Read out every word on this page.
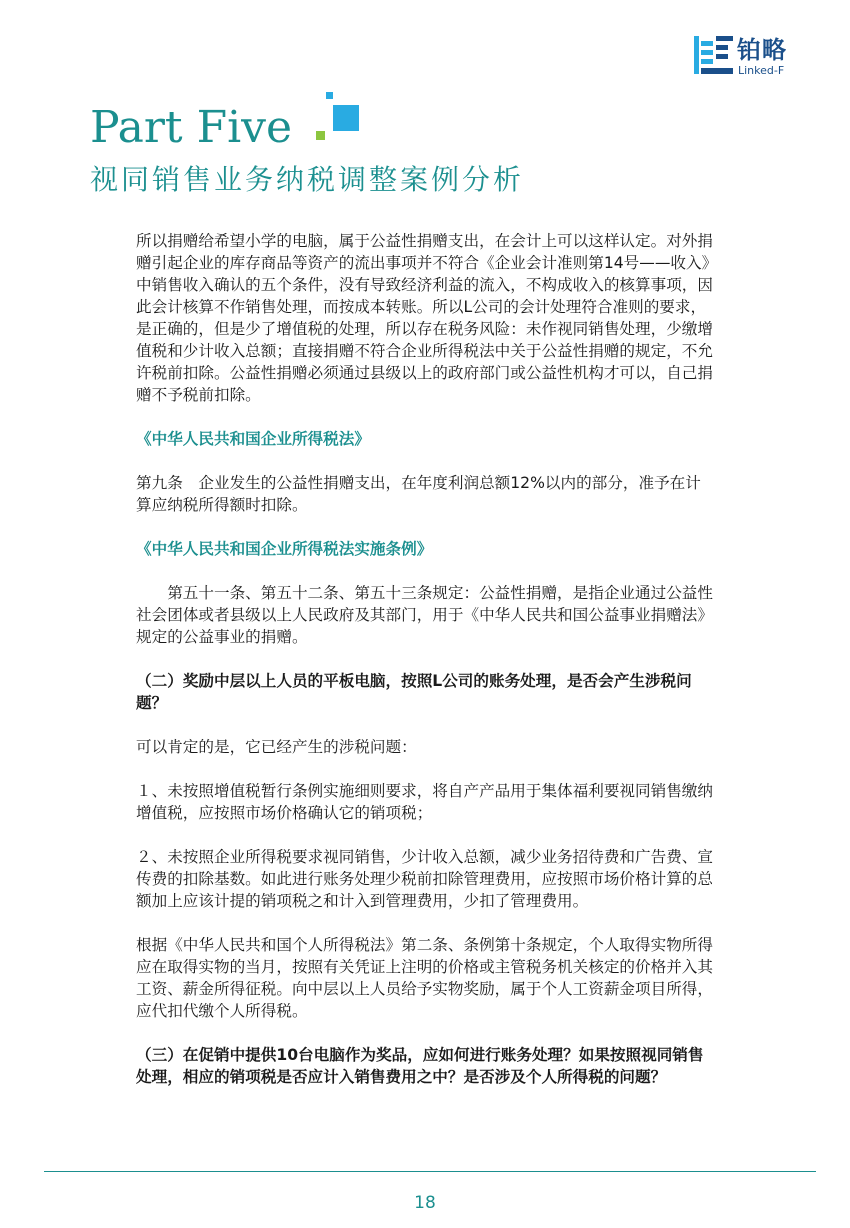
铂略
Linked-F
Part Five
视同销售业务纳税调整案例分析

所以捐赠给希望小学的电脑，属于公益性捐赠支出，在会计上可以这样认定。对外捐赠引起企业的库存商品等资产的流出事项并不符合《企业会计准则第14号——收入》中销售收入确认的五个条件，没有导致经济利益的流入，不构成收入的核算事项，因此会计核算不作销售处理，而按成本转账。所以L公司的会计处理符合准则的要求，是正确的，但是少了增值税的处理，所以存在税务风险：未作视同销售处理，少缴增值税和少计收入总额；直接捐赠不符合企业所得税法中关于公益性捐赠的规定，不允许税前扣除。公益性捐赠必须通过县级以上的政府部门或公益性机构才可以，自己捐赠不予税前扣除。

《中华人民共和国企业所得税法》

第九条　企业发生的公益性捐赠支出，在年度利润总额12%以内的部分，准予在计算应纳税所得额时扣除。

《中华人民共和国企业所得税法实施条例》

第五十一条、第五十二条、第五十三条规定：公益性捐赠，是指企业通过公益性社会团体或者县级以上人民政府及其部门，用于《中华人民共和国公益事业捐赠法》规定的公益事业的捐赠。

（二）奖励中层以上人员的平板电脑，按照L公司的账务处理，是否会产生涉税问题？

可以肯定的是，它已经产生的涉税问题：

１、未按照增值税暂行条例实施细则要求，将自产产品用于集体福利要视同销售缴纳增值税，应按照市场价格确认它的销项税；

２、未按照企业所得税要求视同销售，少计收入总额，减少业务招待费和广告费、宣传费的扣除基数。如此进行账务处理少税前扣除管理费用，应按照市场价格计算的总额加上应该计提的销项税之和计入到管理费用，少扣了管理费用。

根据《中华人民共和国个人所得税法》第二条、条例第十条规定，个人取得实物所得应在取得实物的当月，按照有关凭证上注明的价格或主管税务机关核定的价格并入其工资、薪金所得征税。向中层以上人员给予实物奖励，属于个人工资薪金项目所得，应代扣代缴个人所得税。

（三）在促销中提供10台电脑作为奖品，应如何进行账务处理？如果按照视同销售处理，相应的销项税是否应计入销售费用之中？是否涉及个人所得税的问题？

18
